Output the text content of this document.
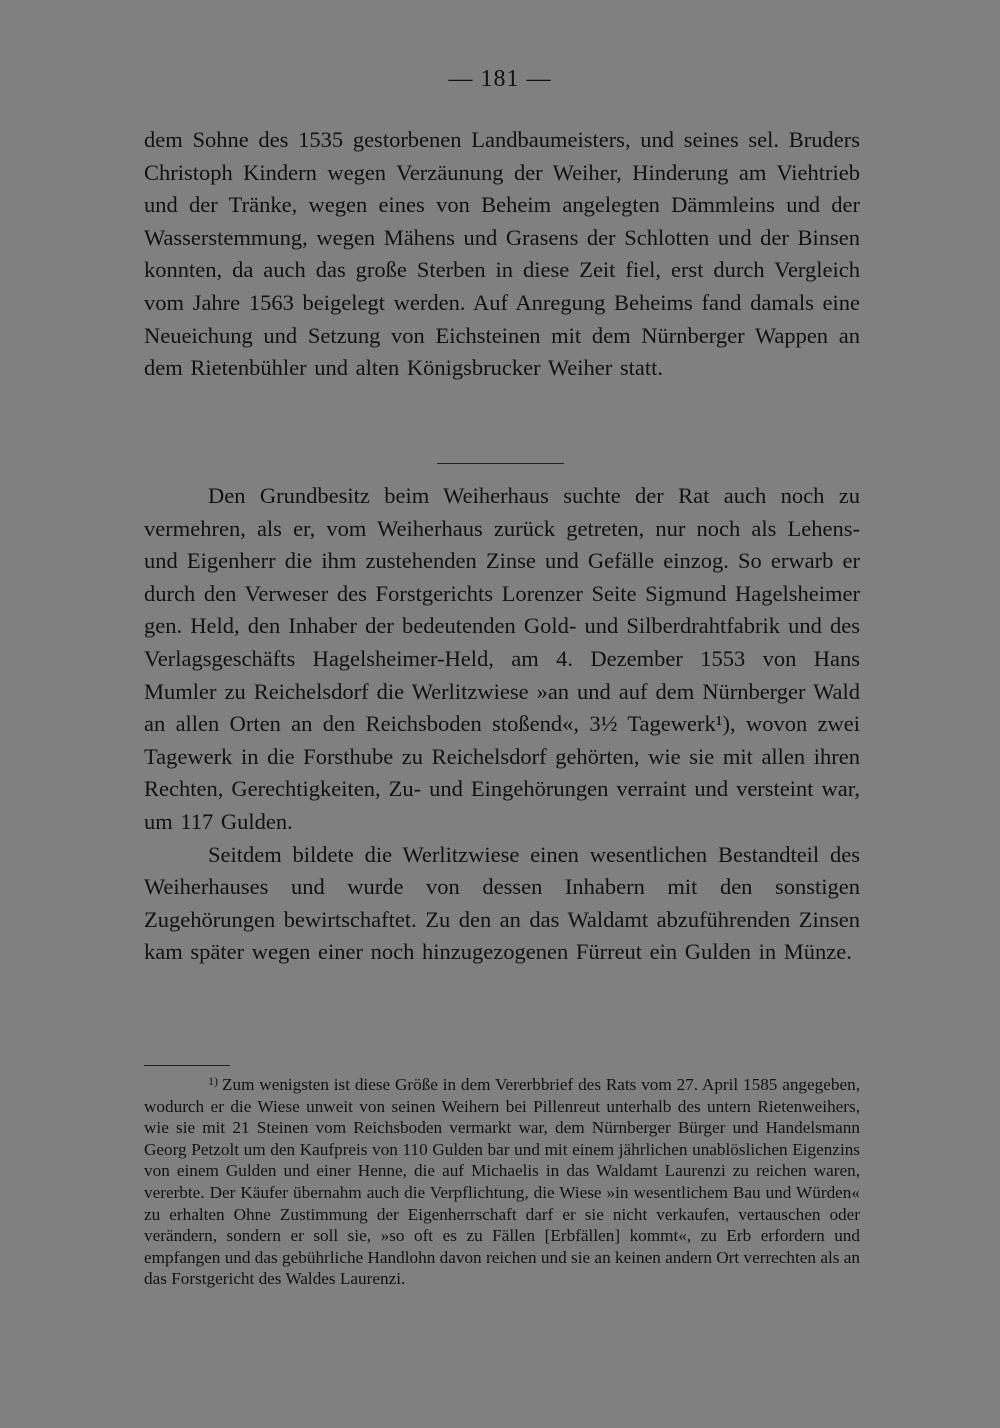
— 181 —

dem Sohne des 1535 gestorbenen Landbaumeisters, und seines sel. Bruders Christoph Kindern wegen Verzäunung der Weiher, Hinderung am Viehtrieb und der Tränke, wegen eines von Beheim angelegten Dämmleins und der Wasserstemmung, wegen Mähens und Grasens der Schlotten und der Binsen konnten, da auch das große Sterben in diese Zeit fiel, erst durch Vergleich vom Jahre 1563 beigelegt werden. Auf Anregung Beheims fand damals eine Neueichung und Setzung von Eichsteinen mit dem Nürnberger Wappen an dem Rietenbühler und alten Königsbrucker Weiher statt.

Den Grundbesitz beim Weiherhaus suchte der Rat auch noch zu vermehren, als er, vom Weiherhaus zurück getreten, nur noch als Lehens- und Eigenherr die ihm zustehenden Zinse und Gefälle einzog. So erwarb er durch den Verweser des Forstgerichts Lorenzer Seite Sigmund Hagelsheimer gen. Held, den Inhaber der bedeutenden Gold- und Silberdrahtfabrik und des Verlagsgeschäfts Hagelsheimer-Held, am 4. Dezember 1553 von Hans Mumler zu Reichelsdorf die Werlitzwiese »an und auf dem Nürnberger Wald an allen Orten an den Reichsboden stoßend«, 3½ Tagewerk¹), wovon zwei Tagewerk in die Forsthube zu Reichelsdorf gehörten, wie sie mit allen ihren Rechten, Gerechtigkeiten, Zu- und Eingehörungen verraint und versteint war, um 117 Gulden.

Seitdem bildete die Werlitzwiese einen wesentlichen Bestandteil des Weiherhauses und wurde von dessen Inhabern mit den sonstigen Zugehörungen bewirtschaftet. Zu den an das Waldamt abzuführenden Zinsen kam später wegen einer noch hinzugezogenen Fürreut ein Gulden in Münze.

$^{1)}$ Zum wenigsten ist diese Größe in dem Vererbbrief des Rats vom 27. April 1585 angegeben, wodurch er die Wiese unweit von seinen Weihern bei Pillenreut unterhalb des untern Rietenweihers, wie sie mit 21 Steinen vom Reichsboden vermarkt war, dem Nürnberger Bürger und Handelsmann Georg Petzolt um den Kaufpreis von 110 Gulden bar und mit einem jährlichen unablöslichen Eigenzins von einem Gulden und einer Henne, die auf Michaelis in das Waldamt Laurenzi zu reichen waren, vererbte. Der Käufer übernahm auch die Verpflichtung, die Wiese »in wesentlichem Bau und Würden« zu erhalten Ohne Zustimmung der Eigenherrschaft darf er sie nicht verkaufen, vertauschen oder verändern, sondern er soll sie, »so oft es zu Fällen [Erbfällen] kommt«, zu Erb erfordern und empfangen und das gebührliche Handlohn davon reichen und sie an keinen andern Ort verrechten als an das Forstgericht des Waldes Laurenzi.
